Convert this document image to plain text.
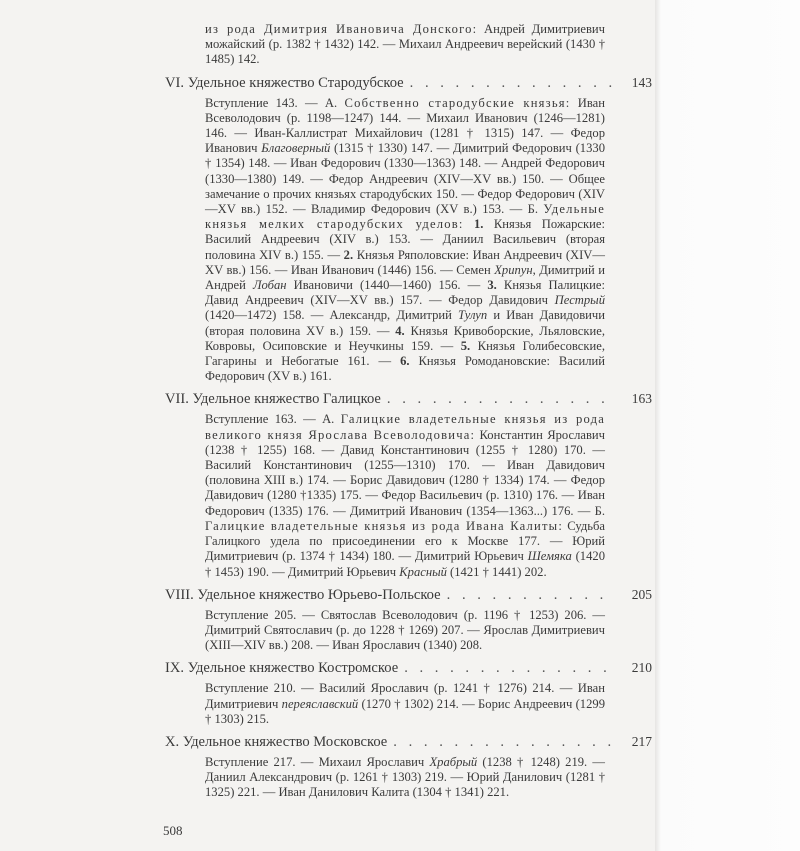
из рода Димитрия Ивановича Донского: Андрей Димитриевич можайский (р. 1382 † 1432) 142. — Михаил Андреевич верейский (1430 † 1485) 142.
VI. Удельное княжество Стародубское . . .	143
Вступление 143. — А. Собственно стародубские князья: Иван Всеволодович (р. 1198—1247) 144. — Михаил Иванович (1246—1281) 146. — Иван-Каллистрат Михайлович (1281 † 1315) 147. — Федор Иванович Благоверный (1315 † 1330) 147. — Димитрий Федорович (1330 † 1354) 148. — Иван Федорович (1330—1363) 148. — Андрей Федорович (1330—1380) 149. — Федор Андреевич (XIV—XV вв.) 150. — Общее замечание о прочих князьях стародубских 150. — Федор Федорович (XIV—XV вв.) 152. — Владимир Федорович (XV в.) 153. — Б. Удельные князья мелких стародубских уделов: 1. Князья Пожарские: Василий Андреевич (XIV в.) 153. — Даниил Васильевич (вторая половина XIV в.) 155. — 2. Князья Ряполовские: Иван Андреевич (XIV—XV вв.) 156. — Иван Иванович (1446) 156. — Семен Хрипун, Димитрий и Андрей Лобан Ивановичи (1440—1460) 156. — 3. Князья Палицкие: Давид Андреевич (XIV—XV вв.) 157. — Федор Давидович Пестрый (1420—1472) 158. — Александр, Димитрий Тулуп и Иван Давидовичи (вторая половина XV в.) 159. — 4. Князья Кривоборские, Льяловские, Ковровы, Осиповские и Неучкины 159. — 5. Князья Голибесовские, Гагарины и Небогатые 161. — 6. Князья Ромодановские: Василий Федорович (XV в.) 161.
VII. Удельное княжество Галицкое . . .	163
Вступление 163. — А. Галицкие владетельные князья из рода великого князя Ярослава Всеволодовича: Константин Ярославич (1238 † 1255) 168. — Давид Константинович (1255 † 1280) 170. — Василий Константинович (1255—1310) 170. — Иван Давидович (половина XIII в.) 174. — Борис Давидович (1280 † 1334) 174. — Федор Давидович (1280 †1335) 175. — Федор Васильевич (р. 1310) 176. — Иван Федорович (1335) 176. — Димитрий Иванович (1354—1363...) 176. — Б. Галицкие владетельные князья из рода Ивана Калиты: Судьба Галицкого удела по присоединении его к Москве 177. — Юрий Димитриевич (р. 1374 † 1434) 180. — Димитрий Юрьевич Шемяка (1420 † 1453) 190. — Димитрий Юрьевич Красный (1421 † 1441) 202.
VIII. Удельное княжество Юрьево-Польское . . .	205
Вступление 205. — Святослав Всеволодович (р. 1196 † 1253) 206. — Димитрий Святославич (р. до 1228 † 1269) 207. — Ярослав Димитриевич (XIII—XIV вв.) 208. — Иван Ярославич (1340) 208.
IX. Удельное княжество Костромское . . .	210
Вступление 210. — Василий Ярославич (р. 1241 † 1276) 214. — Иван Димитриевич переяславский (1270 † 1302) 214. — Борис Андреевич (1299 † 1303) 215.
X. Удельное княжество Московское . . .	217
Вступление 217. — Михаил Ярославич Храбрый (1238 † 1248) 219. — Даниил Александрович (р. 1261 † 1303) 219. — Юрий Данилович (1281 † 1325) 221. — Иван Данилович Калита (1304 † 1341) 221.
508
